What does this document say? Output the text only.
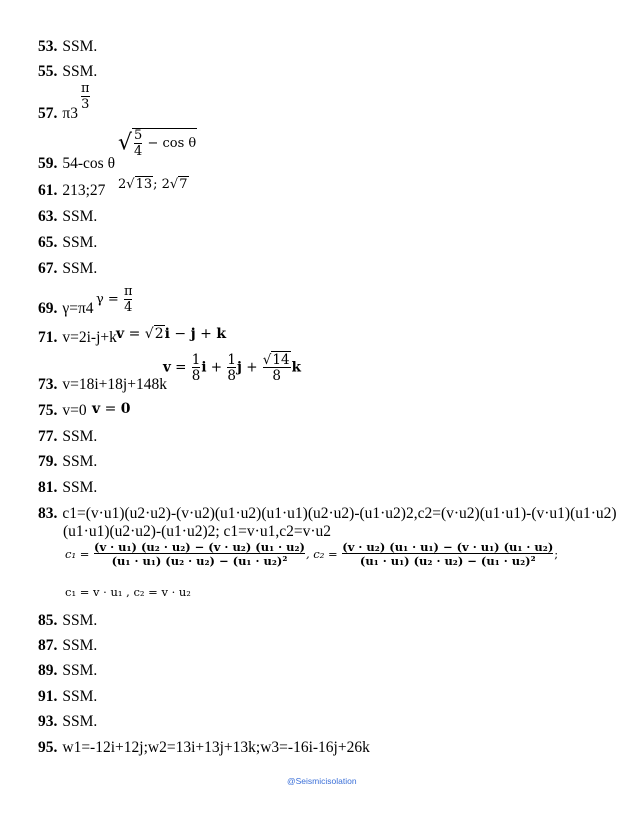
53. SSM.
55. SSM.
57. π3
$\frac{\pi}{3}$
59. 54-cos θ
√ $\frac{5}{4} - \cos \theta$
61. 213;27 2√13; 2√7
63. SSM.
65. SSM.
67. SSM.
69. γ=π4
$\gamma = \frac{\pi}{4}$
71. v=2i-j+k v = √2i − j + k
73. v=18i+18j+148k
$v = \frac{1}{8}$ $i + \frac{1}{8}$ $j + \frac{√14}{8}$ k
75. v=0 v = 0
77. SSM.
79. SSM.
81. SSM.
83. c1=(v·u1)(u2·u2)-(v·u2)(u1·u2)(u1·u1)(u2·u2)-(u1·u2)2,c2=(v·u2)(u1·u1)-(v·u1)(u1·u2)
(u1·u1)(u2·u2)-(u1·u2)2; c1=v·u1,c2=v·u2
$c_1 = \frac{\text{(v · u₁) (u₂ · u₂) − (v · u₂) (u₁ · u₂)}}{\text{(u₁ · u₁) (u₂ · u₂) − (u₁ · u₂)²}}$ , $c_2 = \frac{\text{(v · u₂) (u₁ · u₁) − (v · u₁) (u₁ · u₂)}}{\text{(u₁ · u₁) (u₂ · u₂) − (u₁ · u₂)²}}$ ;
c₁ = v · u₁ , c₂ = v · u₂
85. SSM.
87. SSM.
89. SSM.
91. SSM.
93. SSM.
95. w1=-12i+12j;w2=13i+13j+13k;w3=-16i-16j+26k
@Seismicisolation
